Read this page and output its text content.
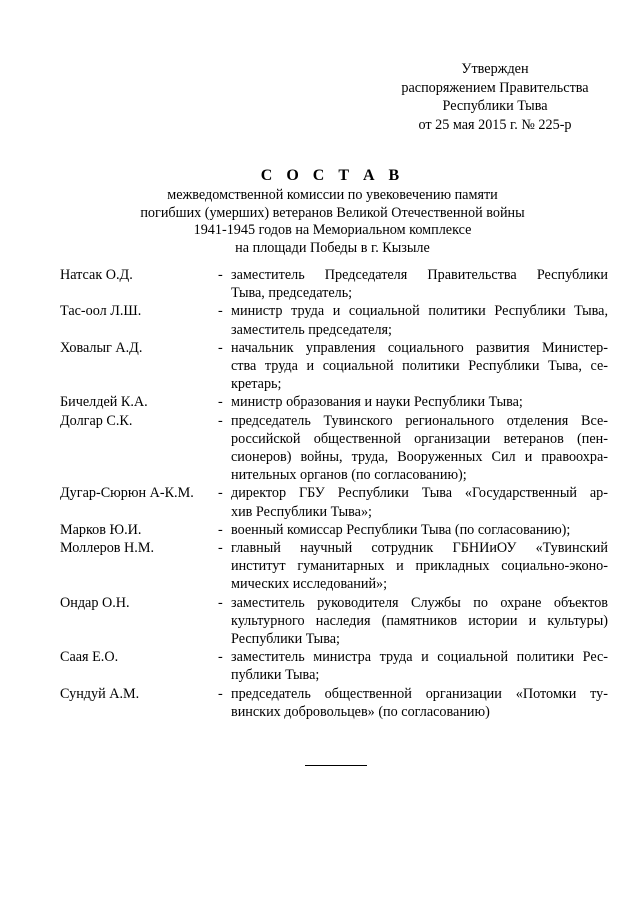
Утвержден
распоряжением Правительства
Республики Тыва
от 25 мая 2015 г. № 225-р
С О С Т А В
межведомственной комиссии по увековечению памяти
погибших (умерших) ветеранов Великой Отечественной войны
1941-1945 годов на Мемориальном комплексе
на площади Победы в г. Кызыле
Натсак О.Д.	- заместитель Председателя Правительства Республики
Тыва, председатель;
Тас-оол Л.Ш.	- министр труда и социальной политики Республики Тыва,
заместитель председателя;
Ховалыг А.Д.	- начальник управления социального развития Министер-
ства труда и социальной политики Республики Тыва, се-
кретарь;
Бичелдей К.А.	- министр образования и науки Республики Тыва;
Долгар С.К.	- председатель Тувинского регионального отделения Все-
российской общественной организации ветеранов (пен-
сионеров) войны, труда, Вооруженных Сил и правоохра-
нительных органов (по согласованию);
Дугар-Сюрюн А-К.М. - директор ГБУ Республики Тыва «Государственный ар-
хив Республики Тыва»;
Марков Ю.И.	- военный комиссар Республики Тыва (по согласованию);
Моллеров Н.М.	- главный научный сотрудник ГБНИиОУ «Тувинский
институт гуманитарных и прикладных социально-эконо-
мических исследований»;
Ондар О.Н.	- заместитель руководителя Службы по охране объектов
культурного наследия (памятников истории и культуры)
Республики Тыва;
Саая Е.О.	- заместитель министра труда и социальной политики Рес-
публики Тыва;
Сундуй А.М.	- председатель общественной организации «Потомки ту-
винских добровольцев» (по согласованию)
